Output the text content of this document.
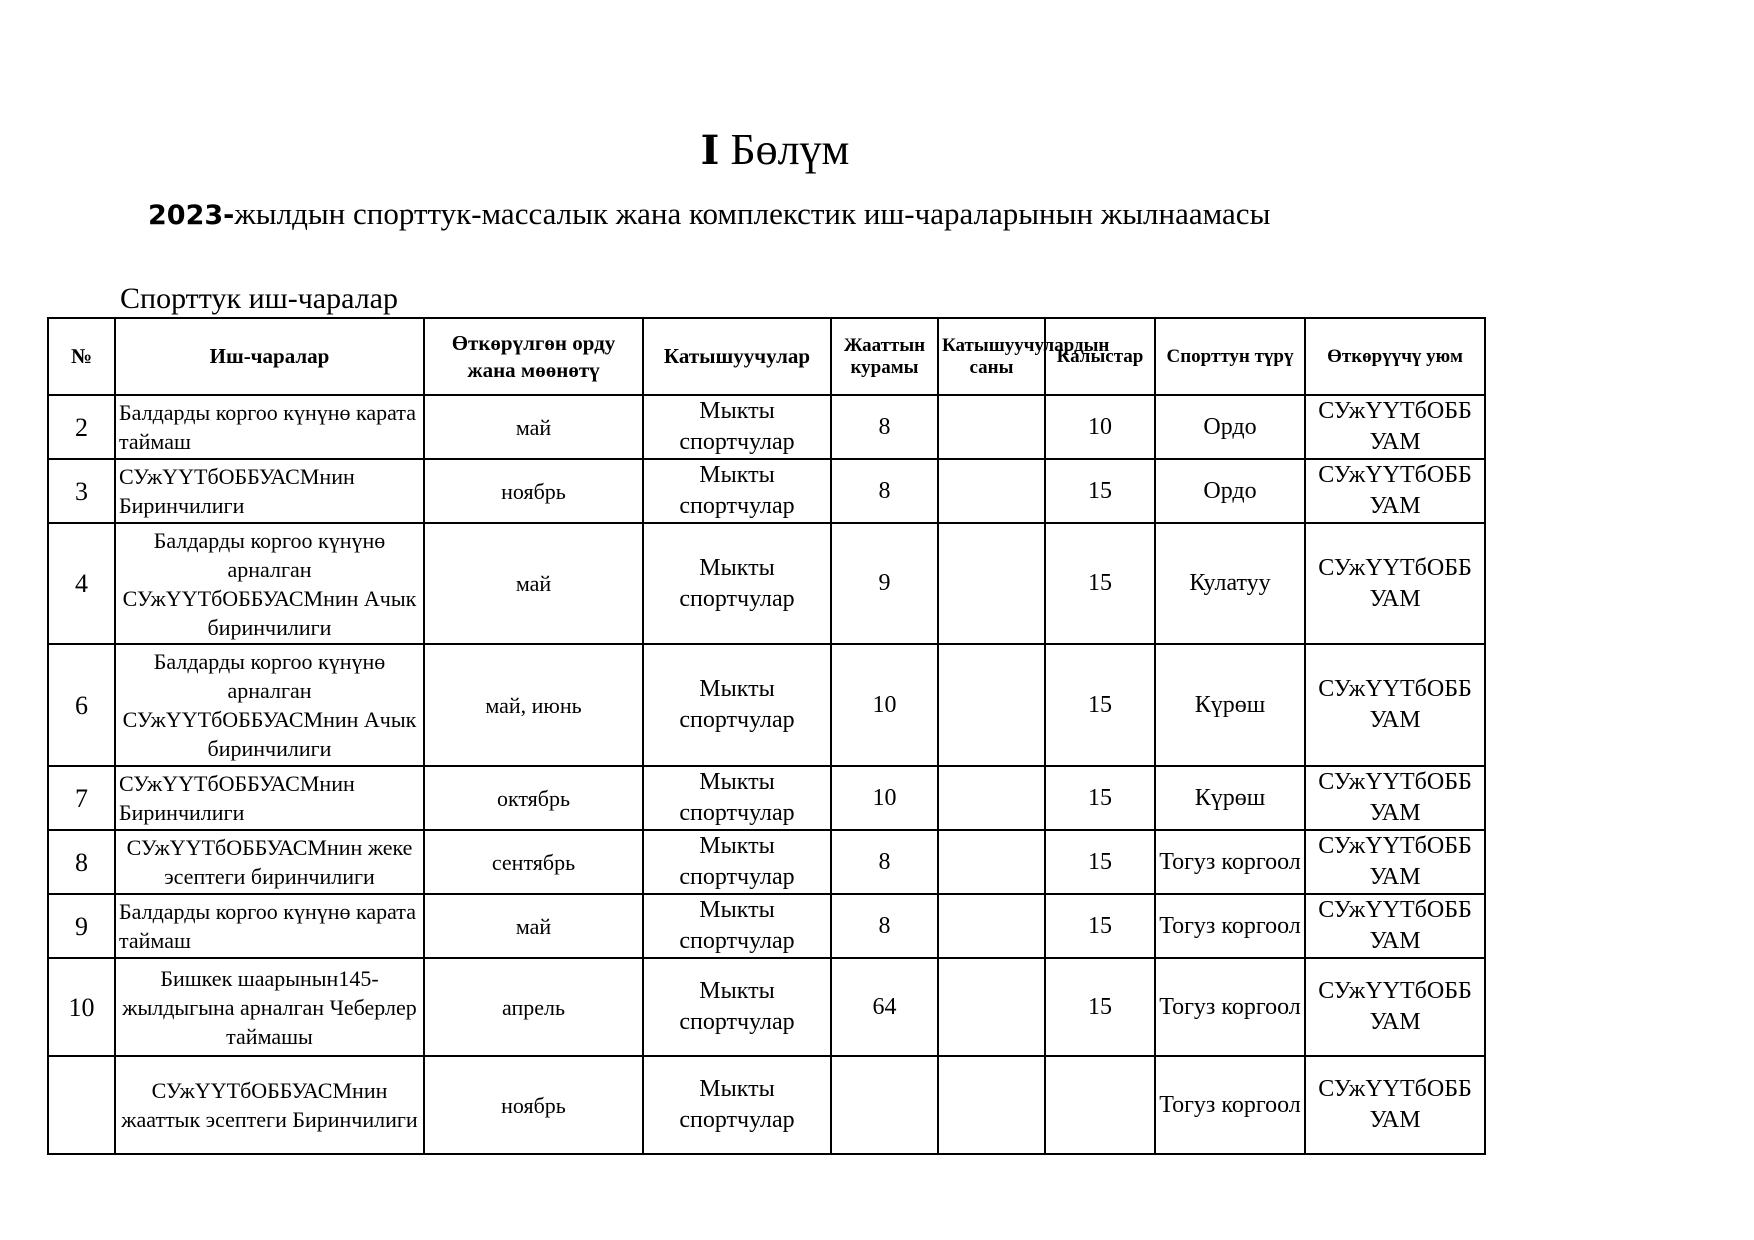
I Бөлүм
2023-жылдын спорттук-массалык жана комплекстик иш-чараларынын жылнаамасы
Спорттук иш-чаралар
№	Иш-чаралар	Өткөрүлгөн орду жана мөөнөтү	Катышуучулар	Жааттын курамы	Катышуучулардын саны	Калыстар	Спорттун түрү	Өткөрүүчү уюм
2	Балдарды коргоо күнүнө карата таймаш	май	Мыкты спортчулар	8		10	Ордо	СУжҮҮТбОББ УАМ
3	СУжҮҮТбОББУАСМнин Биринчилиги	ноябрь	Мыкты спортчулар	8		15	Ордо	СУжҮҮТбОББ УАМ
4	Балдарды коргоо күнүнө арналган СУжҮҮТбОББУАСМнин Ачык биринчилиги	май	Мыкты спортчулар	9		15	Кулатуу	СУжҮҮТбОББ УАМ
6	Балдарды коргоо күнүнө арналган СУжҮҮТбОББУАСМнин Ачык биринчилиги	май, июнь	Мыкты спортчулар	10		15	Күрөш	СУжҮҮТбОББ УАМ
7	СУжҮҮТбОББУАСМнин Биринчилиги	октябрь	Мыкты спортчулар	10		15	Күрөш	СУжҮҮТбОББ УАМ
8	СУжҮҮТбОББУАСМнин жеке эсептеги биринчилиги	сентябрь	Мыкты спортчулар	8		15	Тогуз коргоол	СУжҮҮТбОББ УАМ
9	Балдарды коргоо күнүнө карата таймаш	май	Мыкты спортчулар	8		15	Тогуз коргоол	СУжҮҮТбОББ УАМ
10	Бишкек шаарынын145-жылдыгына арналган Чеберлер таймашы	апрель	Мыкты спортчулар	64		15	Тогуз коргоол	СУжҮҮТбОББ УАМ
	СУжҮҮТбОББУАСМнин жааттык эсептеги Биринчилиги	ноябрь	Мыкты спортчулар				Тогуз коргоол	СУжҮҮТбОББ УАМ
